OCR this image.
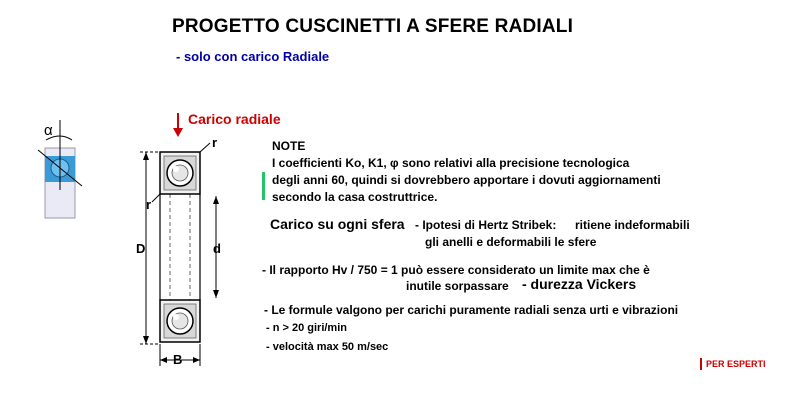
PROGETTO CUSCINETTI A SFERE RADIALI
- solo con carico Radiale
α
Carico radiale
r
r
D	d
B
NOTE
I coefficienti Ko, K1, φ sono relativi alla precisione tecnologica
degli anni 60, quindi si dovrebbero apportare i dovuti aggiornamenti
secondo la casa costruttrice.
Carico su ogni sfera - Ipotesi di Hertz Stribek: ritiene indeformabili
gli anelli e deformabili le sfere
- Il rapporto Hv / 750 = 1 può essere considerato un limite max che è
inutile sorpassare - durezza Vickers
- Le formule valgono per carichi puramente radiali senza urti e vibrazioni
- n > 20 giri/min
- velocità max 50 m/sec
PER ESPERTI
